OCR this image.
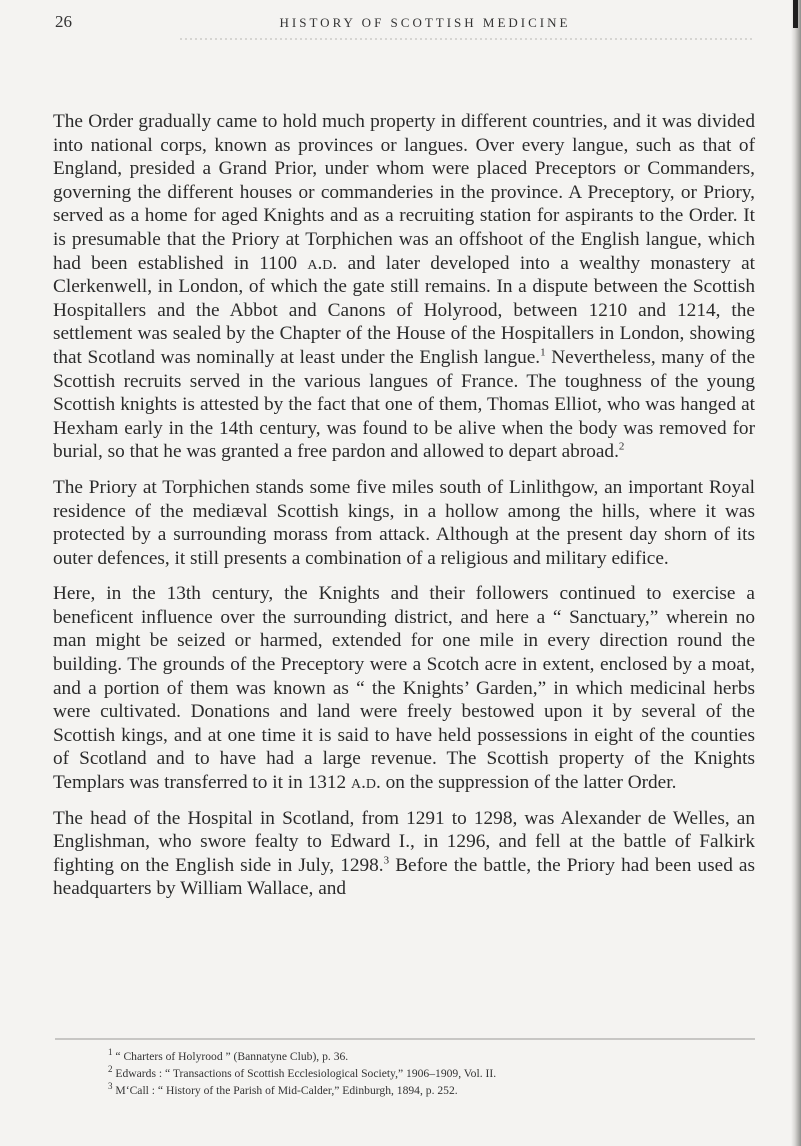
26	HISTORY OF SCOTTISH MEDICINE

The Order gradually came to hold much property in different countries, and it was divided into national corps, known as provinces or langues. Over every langue, such as that of England, presided a Grand Prior, under whom were placed Preceptors or Commanders, governing the different houses or commanderies in the province. A Preceptory, or Priory, served as a home for aged Knights and as a recruiting station for aspirants to the Order. It is presumable that the Priory at Torphichen was an offshoot of the English langue, which had been established in 1100 a.d. and later developed into a wealthy monastery at Clerkenwell, in London, of which the gate still remains. In a dispute between the Scottish Hospitallers and the Abbot and Canons of Holyrood, between 1210 and 1214, the settlement was sealed by the Chapter of the House of the Hospitallers in London, showing that Scotland was nominally at least under the English langue.$^1$ Nevertheless, many of the Scottish recruits served in the various langues of France. The toughness of the young Scottish knights is attested by the fact that one of them, Thomas Elliot, who was hanged at Hexham early in the 14th century, was found to be alive when the body was removed for burial, so that he was granted a free pardon and allowed to depart abroad.$^2$

The Priory at Torphichen stands some five miles south of Linlithgow, an important Royal residence of the mediæval Scottish kings, in a hollow among the hills, where it was protected by a surrounding morass from attack. Although at the present day shorn of its outer defences, it still presents a combination of a religious and military edifice.

Here, in the 13th century, the Knights and their followers continued to exercise a beneficent influence over the surrounding district, and here a “ Sanctuary,” wherein no man might be seized or harmed, extended for one mile in every direction round the building. The grounds of the Preceptory were a Scotch acre in extent, enclosed by a moat, and a portion of them was known as “ the Knights’ Garden,” in which medicinal herbs were cultivated. Donations and land were freely bestowed upon it by several of the Scottish kings, and at one time it is said to have held possessions in eight of the counties of Scotland and to have had a large revenue. The Scottish property of the Knights Templars was transferred to it in 1312 a.d. on the suppression of the latter Order.

The head of the Hospital in Scotland, from 1291 to 1298, was Alexander de Welles, an Englishman, who swore fealty to Edward I., in 1296, and fell at the battle of Falkirk fighting on the English side in July, 1298.$^3$ Before the battle, the Priory had been used as headquarters by William Wallace, and

$^1$ “ Charters of Holyrood ” (Bannatyne Club), p. 36.

$^2$ Edwards : “ Transactions of Scottish Ecclesiological Society,” 1906–1909, Vol. II.

$^3$ M‘Call : “ History of the Parish of Mid-Calder,” Edinburgh, 1894, p. 252.
